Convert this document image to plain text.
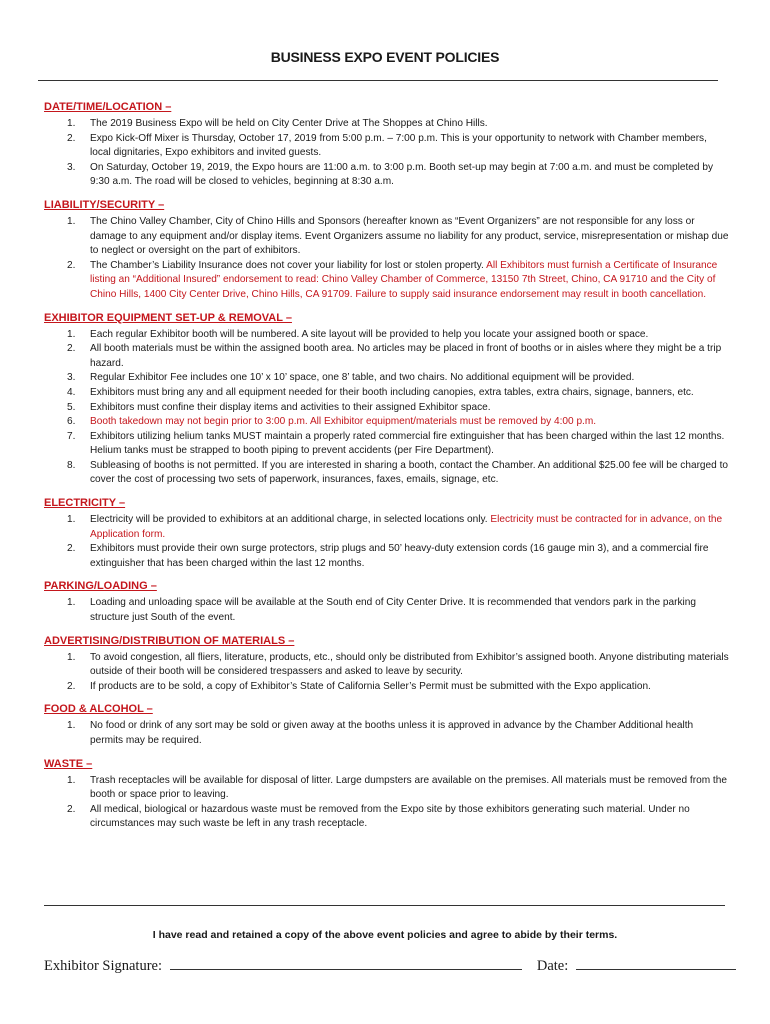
BUSINESS EXPO EVENT POLICIES
DATE/TIME/LOCATION –
1. The 2019 Business Expo will be held on City Center Drive at The Shoppes at Chino Hills.
2. Expo Kick-Off Mixer is Thursday, October 17, 2019 from 5:00 p.m. – 7:00 p.m. This is your opportunity to network with Chamber members, local dignitaries, Expo exhibitors and invited guests.
3. On Saturday, October 19, 2019, the Expo hours are 11:00 a.m. to 3:00 p.m. Booth set-up may begin at 7:00 a.m. and must be completed by 9:30 a.m. The road will be closed to vehicles, beginning at 8:30 a.m.
LIABILITY/SECURITY –
1. The Chino Valley Chamber, City of Chino Hills and Sponsors (hereafter known as “Event Organizers” are not responsible for any loss or damage to any equipment and/or display items. Event Organizers assume no liability for any product, service, misrepresentation or mishap due to neglect or oversight on the part of exhibitors.
2. The Chamber’s Liability Insurance does not cover your liability for lost or stolen property. All Exhibitors must furnish a Certificate of Insurance listing an “Additional Insured” endorsement to read: Chino Valley Chamber of Commerce, 13150 7th Street, Chino, CA 91710 and the City of Chino Hills, 1400 City Center Drive, Chino Hills, CA 91709. Failure to supply said insurance endorsement may result in booth cancellation.
EXHIBITOR EQUIPMENT SET-UP & REMOVAL –
1. Each regular Exhibitor booth will be numbered. A site layout will be provided to help you locate your assigned booth or space.
2. All booth materials must be within the assigned booth area. No articles may be placed in front of booths or in aisles where they might be a trip hazard.
3. Regular Exhibitor Fee includes one 10’ x 10’ space, one 8’ table, and two chairs. No additional equipment will be provided.
4. Exhibitors must bring any and all equipment needed for their booth including canopies, extra tables, extra chairs, signage, banners, etc.
5. Exhibitors must confine their display items and activities to their assigned Exhibitor space.
6. Booth takedown may not begin prior to 3:00 p.m. All Exhibitor equipment/materials must be removed by 4:00 p.m.
7. Exhibitors utilizing helium tanks MUST maintain a properly rated commercial fire extinguisher that has been charged within the last 12 months. Helium tanks must be strapped to booth piping to prevent accidents (per Fire Department).
8. Subleasing of booths is not permitted. If you are interested in sharing a booth, contact the Chamber. An additional $25.00 fee will be charged to cover the cost of processing two sets of paperwork, insurances, faxes, emails, signage, etc.
ELECTRICITY –
1. Electricity will be provided to exhibitors at an additional charge, in selected locations only. Electricity must be contracted for in advance, on the Application form.
2. Exhibitors must provide their own surge protectors, strip plugs and 50’ heavy-duty extension cords (16 gauge min 3), and a commercial fire extinguisher that has been charged within the last 12 months.
PARKING/LOADING –
1. Loading and unloading space will be available at the South end of City Center Drive. It is recommended that vendors park in the parking structure just South of the event.
ADVERTISING/DISTRIBUTION OF MATERIALS –
1. To avoid congestion, all fliers, literature, products, etc., should only be distributed from Exhibitor’s assigned booth. Anyone distributing materials outside of their booth will be considered trespassers and asked to leave by security.
2. If products are to be sold, a copy of Exhibitor’s State of California Seller’s Permit must be submitted with the Expo application.
FOOD & ALCOHOL –
1. No food or drink of any sort may be sold or given away at the booths unless it is approved in advance by the Chamber Additional health permits may be required.
WASTE –
1. Trash receptacles will be available for disposal of litter. Large dumpsters are available on the premises. All materials must be removed from the booth or space prior to leaving.
2. All medical, biological or hazardous waste must be removed from the Expo site by those exhibitors generating such material. Under no circumstances may such waste be left in any trash receptacle.
I have read and retained a copy of the above event policies and agree to abide by their terms.
Exhibitor Signature:	Date:
